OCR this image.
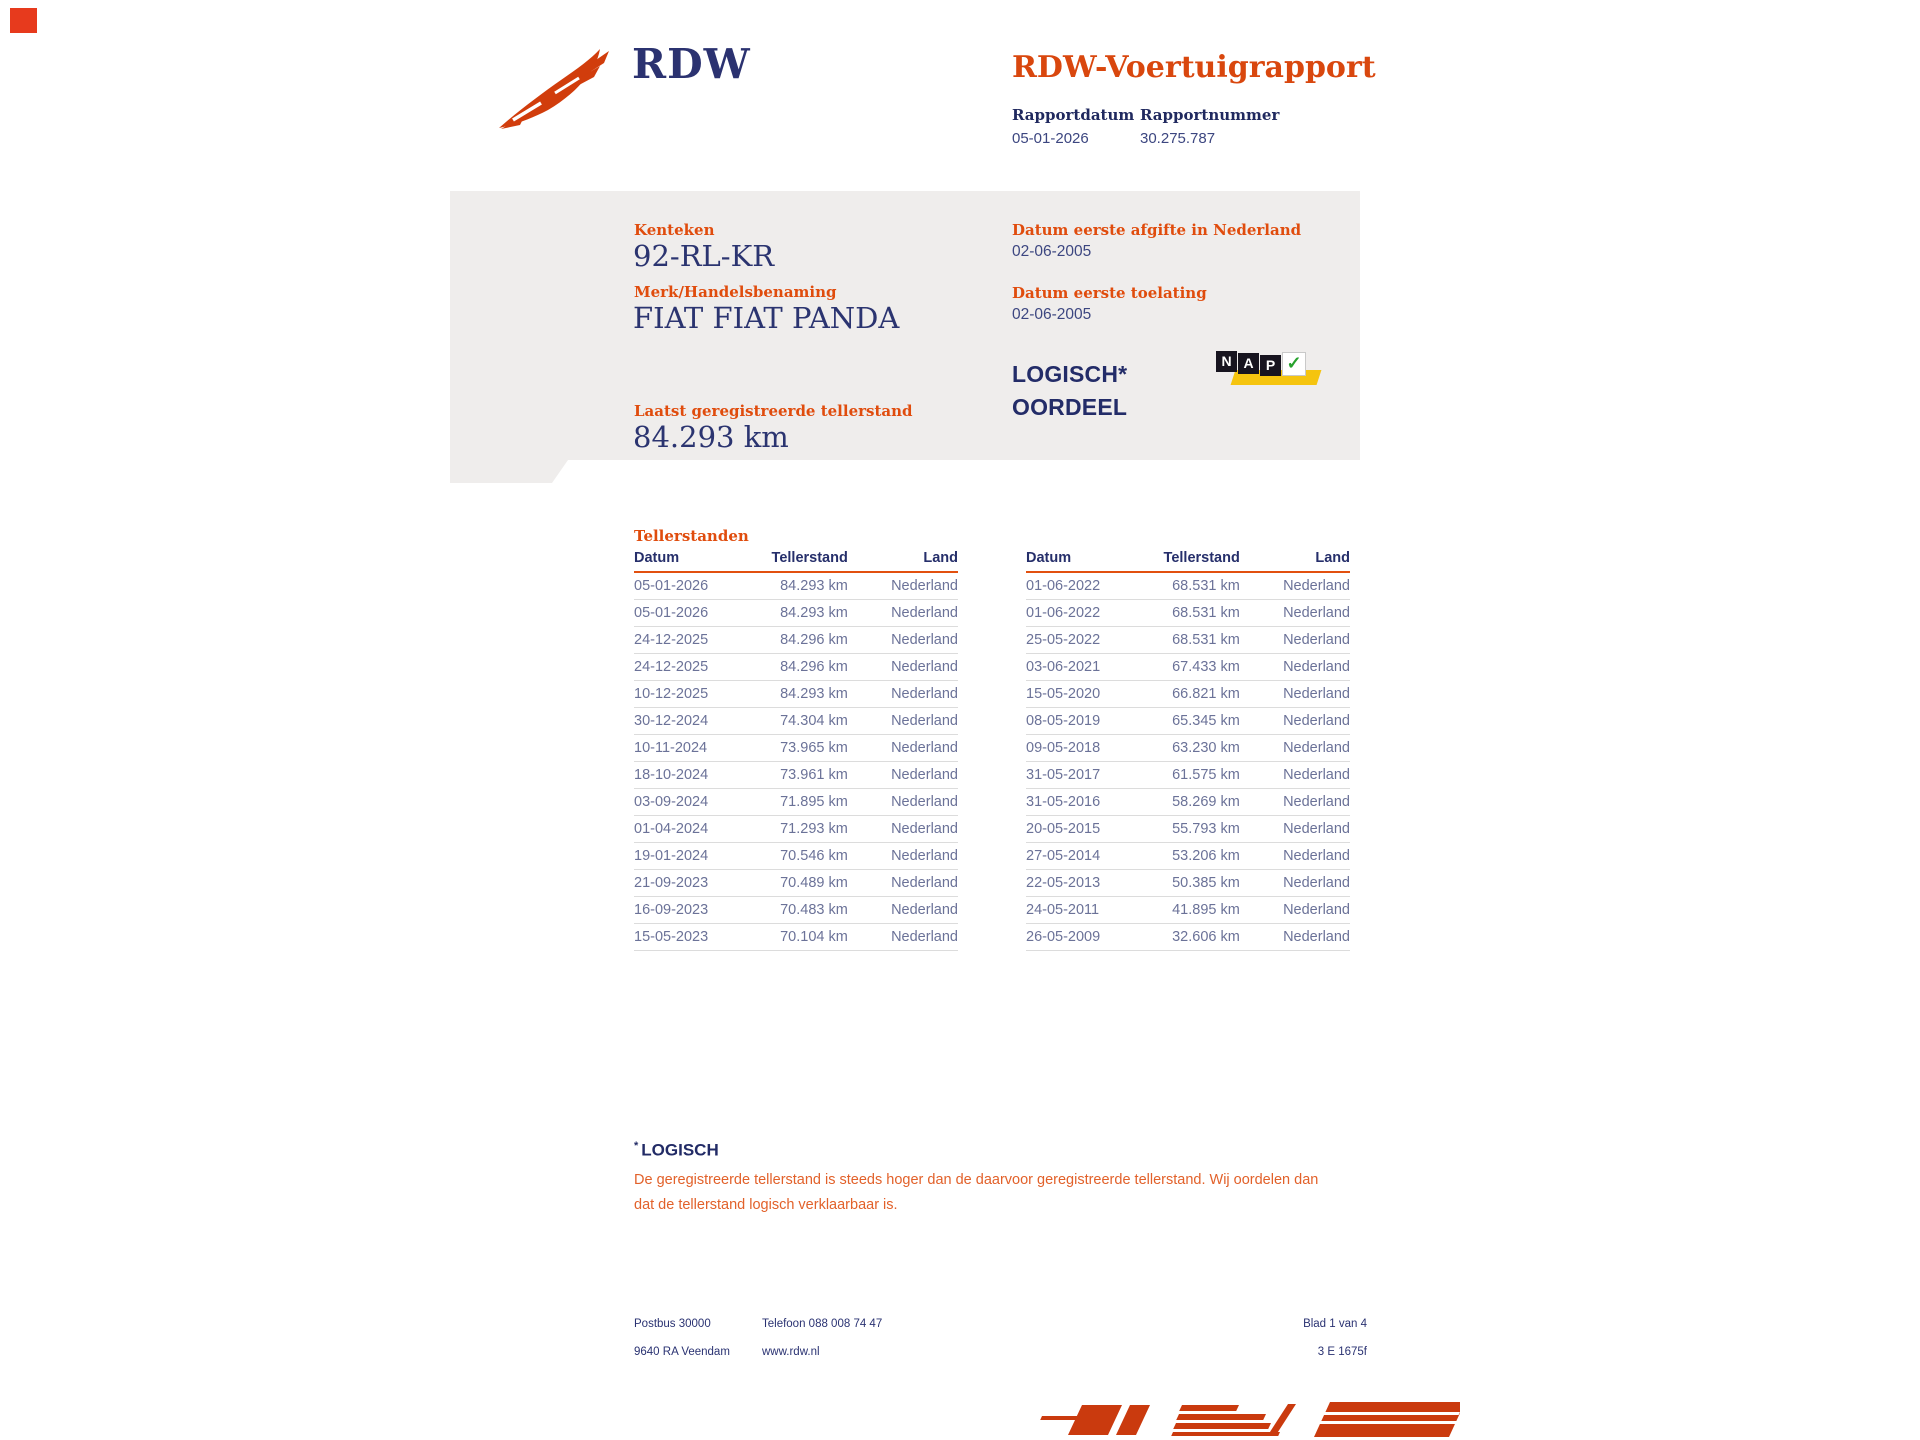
RDW	RDW-Voertuigrapport
Rapportdatum Rapportnummer
05-01-2026	30.275.787
Kenteken
92-RL-KR
Merk/Handelsbenaming
FIAT FIAT PANDA
Laatst geregistreerde tellerstand
84.293 km
Datum eerste afgifte in Nederland
02-06-2005
Datum eerste toelating
02-06-2005
LOGISCH*
OORDEEL
N A P ✓
Tellerstanden
Datum	Tellerstand	Land
05-01-2026	84.293 km	Nederland
05-01-2026	84.293 km	Nederland
24-12-2025	84.296 km	Nederland
24-12-2025	84.296 km	Nederland
10-12-2025	84.293 km	Nederland
30-12-2024	74.304 km	Nederland
10-11-2024	73.965 km	Nederland
18-10-2024	73.961 km	Nederland
03-09-2024	71.895 km	Nederland
01-04-2024	71.293 km	Nederland
19-01-2024	70.546 km	Nederland
21-09-2023	70.489 km	Nederland
16-09-2023	70.483 km	Nederland
15-05-2023	70.104 km	Nederland
Datum	Tellerstand	Land
01-06-2022	68.531 km	Nederland
01-06-2022	68.531 km	Nederland
25-05-2022	68.531 km	Nederland
03-06-2021	67.433 km	Nederland
15-05-2020	66.821 km	Nederland
08-05-2019	65.345 km	Nederland
09-05-2018	63.230 km	Nederland
31-05-2017	61.575 km	Nederland
31-05-2016	58.269 km	Nederland
20-05-2015	55.793 km	Nederland
27-05-2014	53.206 km	Nederland
22-05-2013	50.385 km	Nederland
24-05-2011	41.895 km	Nederland
26-05-2009	32.606 km	Nederland
* LOGISCH
De geregistreerde tellerstand is steeds hoger dan de daarvoor geregistreerde tellerstand. Wij oordelen dan
dat de tellerstand logisch verklaarbaar is.
Postbus 30000
9640 RA Veendam
Telefoon 088 008 74 47
www.rdw.nl
Blad 1 van 4
3 E 1675f
